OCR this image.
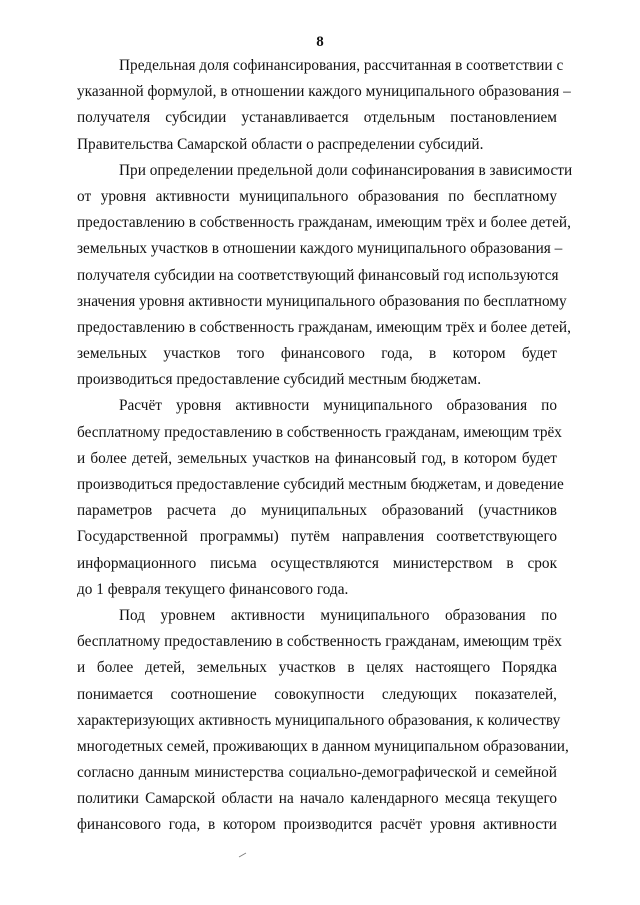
8
Предельная доля софинансирования, рассчитанная в соответствии с
указанной формулой, в отношении каждого муниципального образования –
получателя субсидии устанавливается отдельным постановлением
Правительства Самарской области о распределении субсидий.
При определении предельной доли софинансирования в зависимости
от уровня активности муниципального образования по бесплатному
предоставлению в собственность гражданам, имеющим трёх и более детей,
земельных участков в отношении каждого муниципального образования –
получателя субсидии на соответствующий финансовый год используются
значения уровня активности муниципального образования по бесплатному
предоставлению в собственность гражданам, имеющим трёх и более детей,
земельных участков того финансового года, в котором будет
производиться предоставление субсидий местным бюджетам.
Расчёт уровня активности муниципального образования по
бесплатному предоставлению в собственность гражданам, имеющим трёх
и более детей, земельных участков на финансовый год, в котором будет
производиться предоставление субсидий местным бюджетам, и доведение
параметров расчета до муниципальных образований (участников
Государственной программы) путём направления соответствующего
информационного письма осуществляются министерством в срок
до 1 февраля текущего финансового года.
Под уровнем активности муниципального образования по
бесплатному предоставлению в собственность гражданам, имеющим трёх
и более детей, земельных участков в целях настоящего Порядка
понимается соотношение совокупности следующих показателей,
характеризующих активность муниципального образования, к количеству
многодетных семей, проживающих в данном муниципальном образовании,
согласно данным министерства социально-демографической и семейной
политики Самарской области на начало календарного месяца текущего
финансового года, в котором производится расчёт уровня активности
